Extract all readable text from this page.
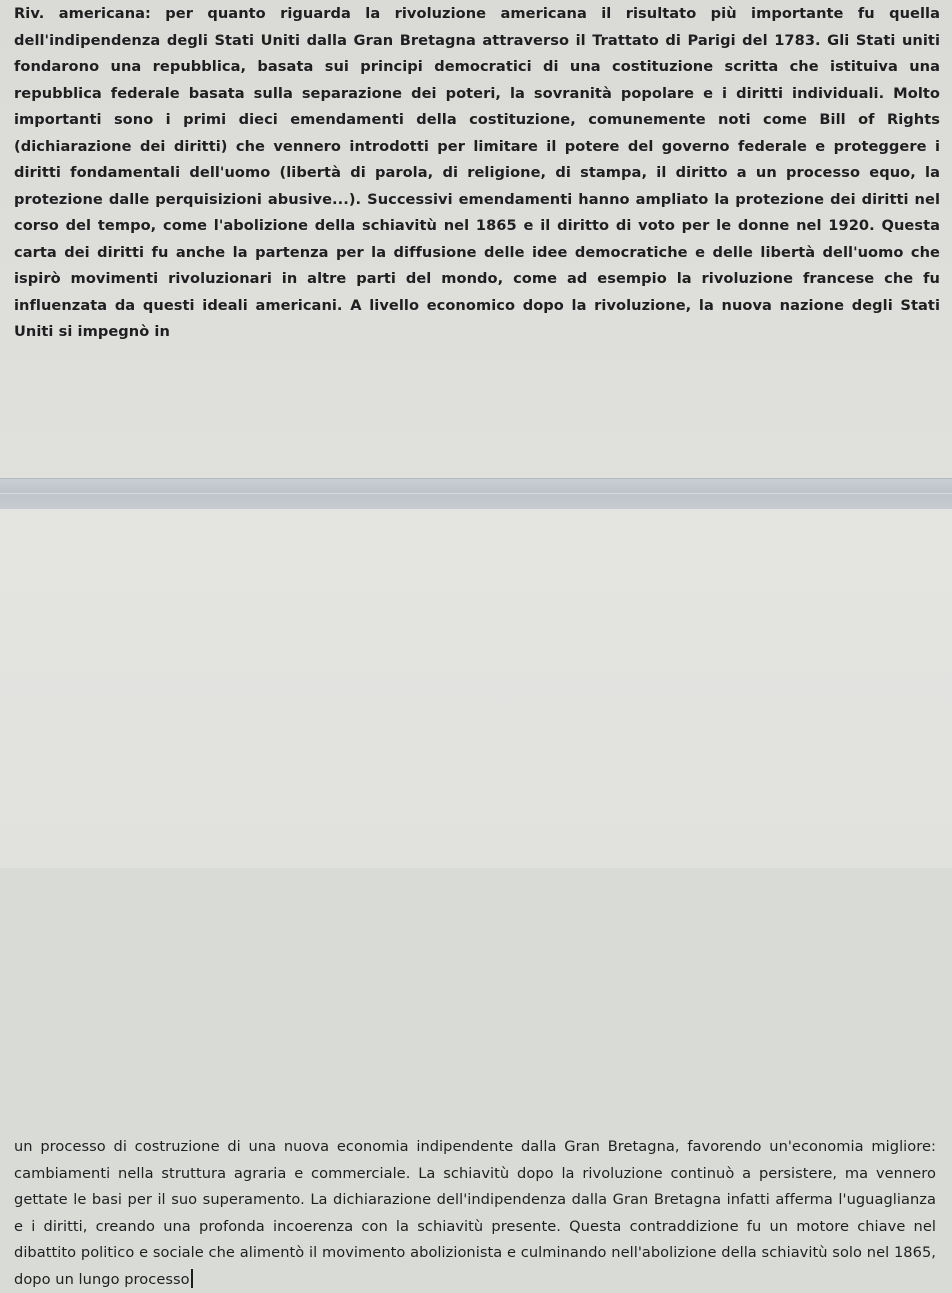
Riv. americana: per quanto riguarda la rivoluzione americana il risultato più importante fu quella dell'indipendenza degli Stati Uniti dalla Gran Bretagna attraverso il Trattato di Parigi del 1783. Gli Stati uniti fondarono una repubblica, basata sui principi democratici di una costituzione scritta che istituiva una repubblica federale basata sulla separazione dei poteri, la sovranità popolare e i diritti individuali. Molto importanti sono i primi dieci emendamenti della costituzione, comunemente noti come Bill of Rights (dichiarazione dei diritti) che vennero introdotti per limitare il potere del governo federale e proteggere i diritti fondamentali dell'uomo (libertà di parola, di religione, di stampa, il diritto a un processo equo, la protezione dalle perquisizioni abusive...). Successivi emendamenti hanno ampliato la protezione dei diritti nel corso del tempo, come l'abolizione della schiavitù nel 1865 e il diritto di voto per le donne nel 1920. Questa carta dei diritti fu anche la partenza per la diffusione delle idee democratiche e delle libertà dell'uomo che ispirò movimenti rivoluzionari in altre parti del mondo, come ad esempio la rivoluzione francese che fu influenzata da questi ideali americani. A livello economico dopo la rivoluzione, la nuova nazione degli Stati Uniti si impegnò in

un processo di costruzione di una nuova economia indipendente dalla Gran Bretagna, favorendo un'economia migliore: cambiamenti nella struttura agraria e commerciale. La schiavitù dopo la rivoluzione continuò a persistere, ma vennero gettate le basi per il suo superamento. La dichiarazione dell'indipendenza dalla Gran Bretagna infatti afferma l'uguaglianza e i diritti, creando una profonda incoerenza con la schiavitù presente. Questa contraddizione fu un motore chiave nel dibattito politico e sociale che alimentò il movimento abolizionista e culminando nell'abolizione della schiavitù solo nel 1865, dopo un lungo processo
